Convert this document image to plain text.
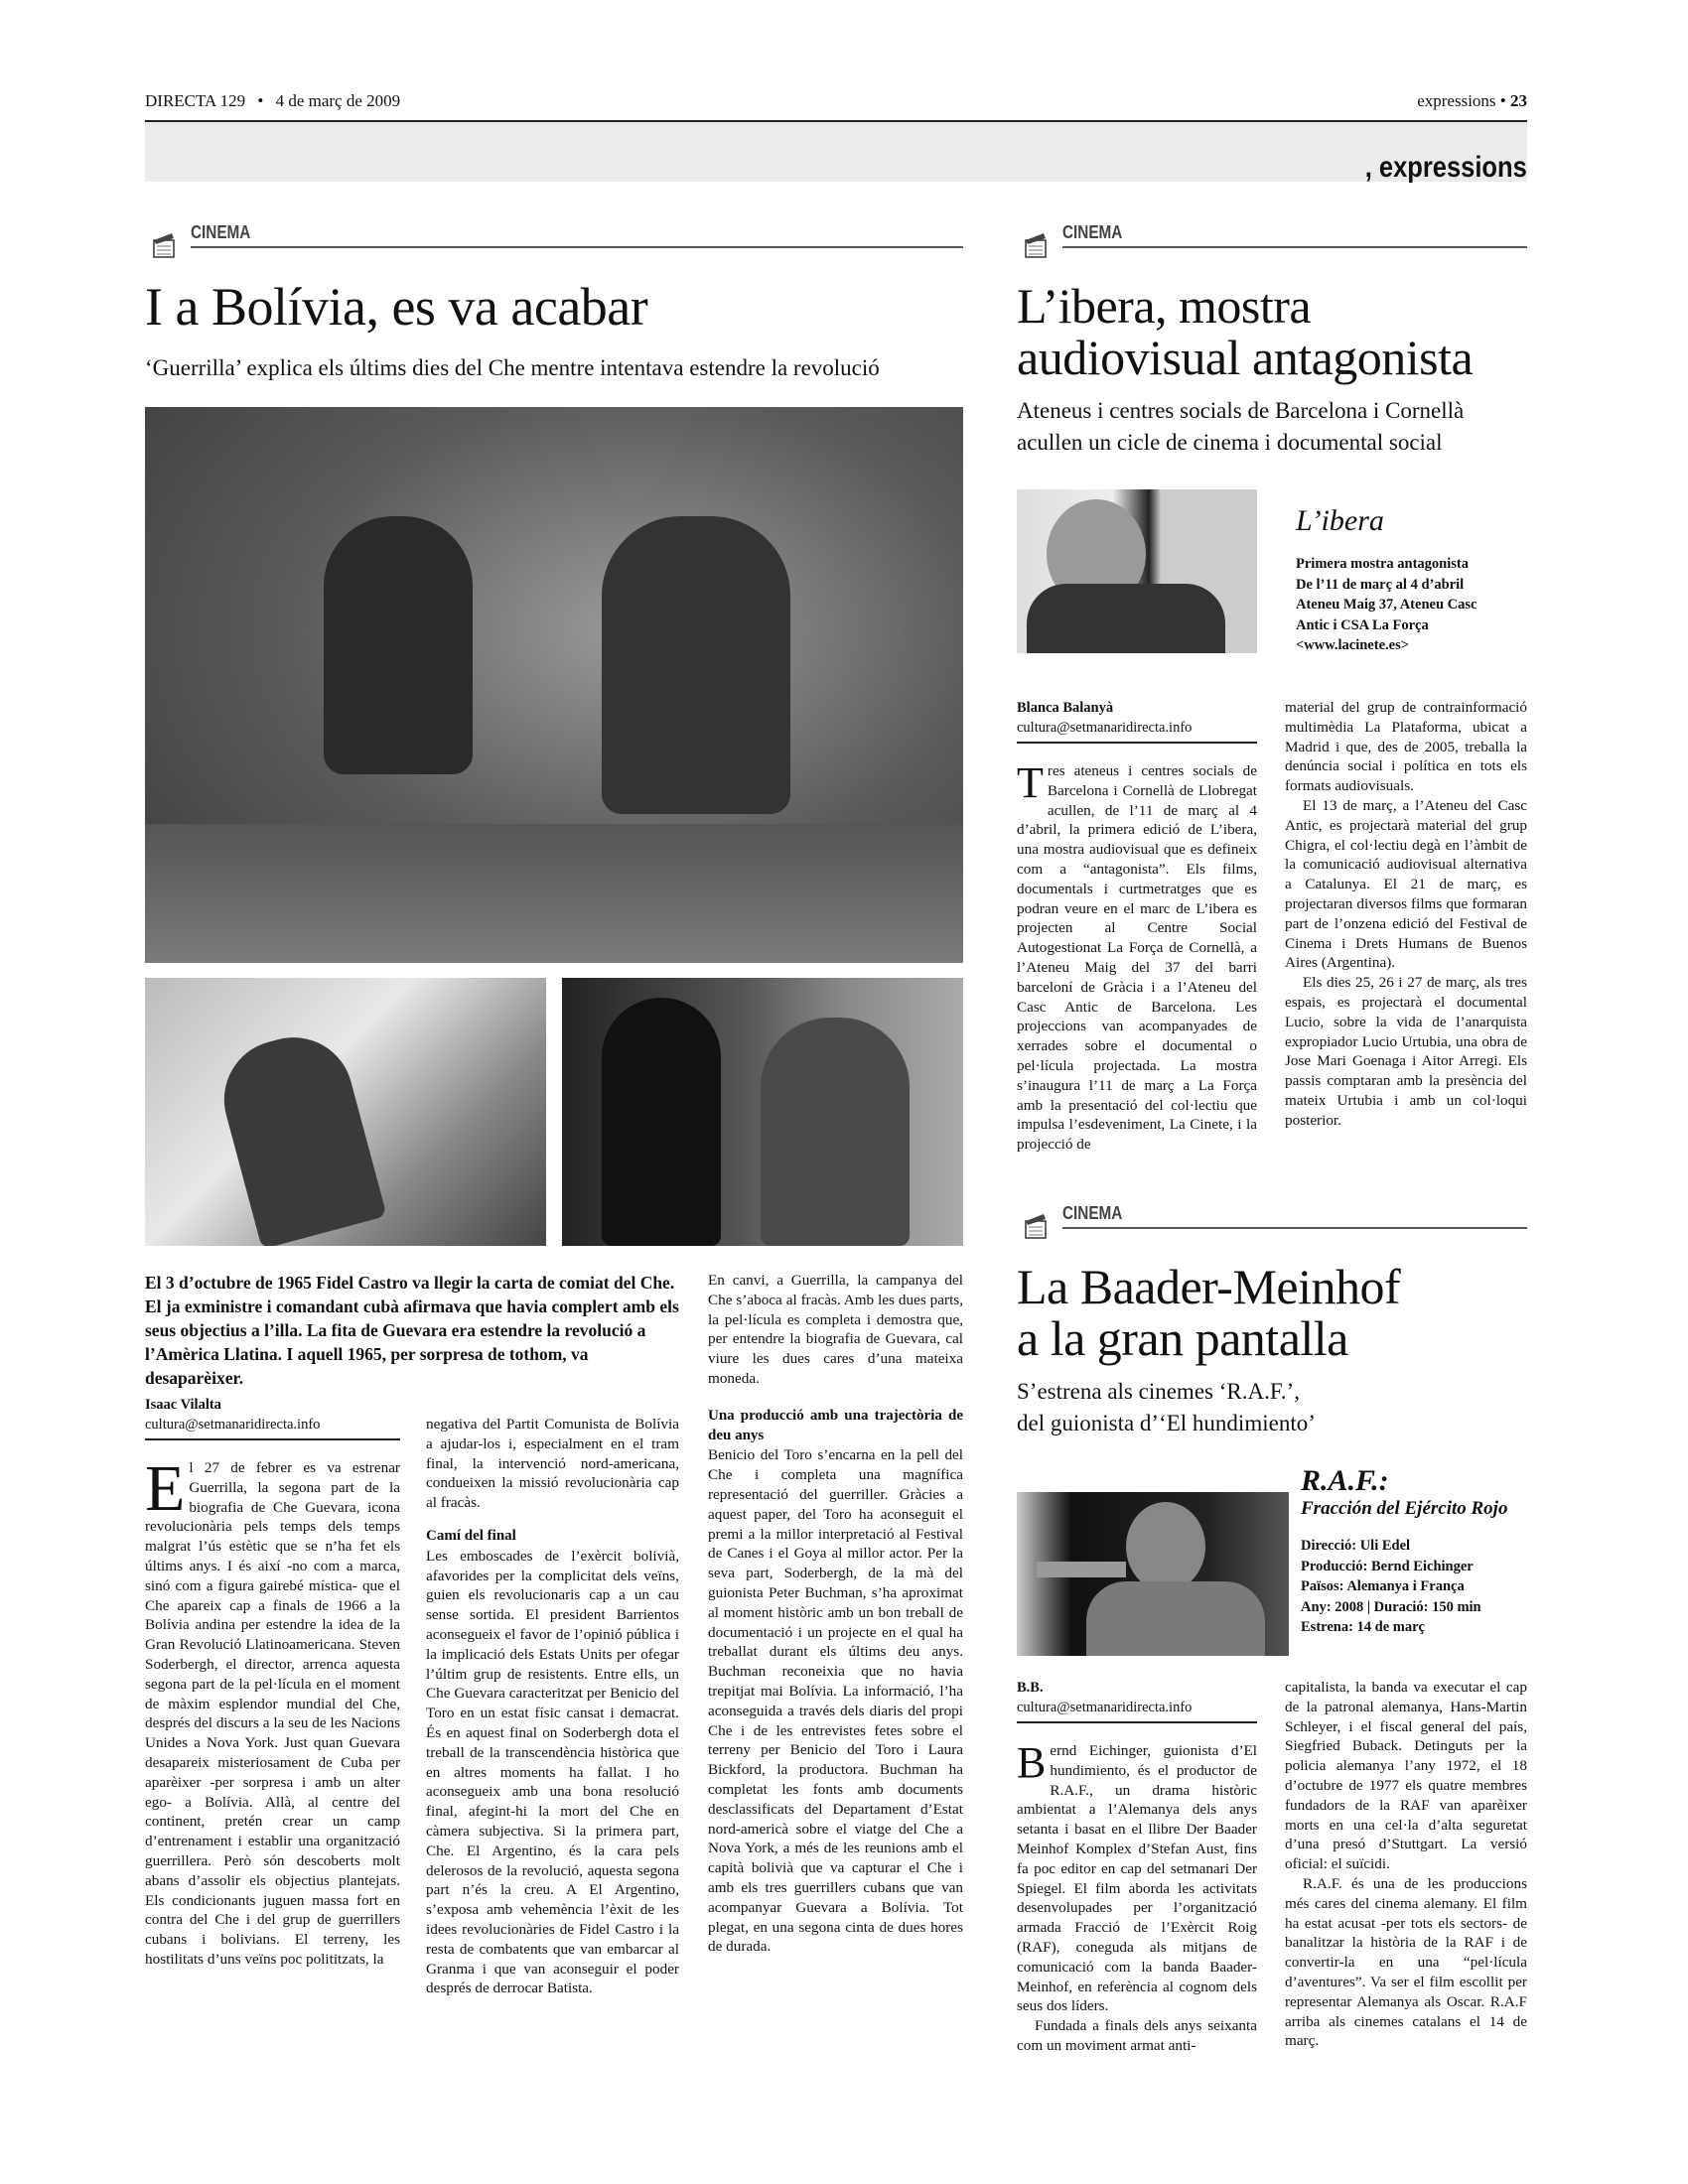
DIRECTA 129 • 4 de març de 2009	expressions • 23
, expressions
CINEMA
I a Bolívia, es va acabar
‘Guerrilla’ explica els últims dies del Che mentre intentava estendre la revolució
El 3 d’octubre de 1965 Fidel Castro va llegir la carta de comiat del Che. El ja exministre i comandant cubà afirmava que havia complert amb els seus objectius a l’illa. La fita de Guevara era estendre la revolució a l’Amèrica Llatina. I aquell 1965, per sorpresa de tothom, va desaparèixer.
Isaac Vilalta
cultura@setmanaridirecta.info
E l 27 de febrer es va estrenar Guerrilla, la segona part de la biografia de Che Guevara, icona revolucionària pels temps dels temps malgrat l’ús estètic que se n’ha fet els últims anys. I és així -no com a marca, sinó com a figura gairebé mística- que el Che apareix cap a finals de 1966 a la Bolívia andina per estendre la idea de la Gran Revolució Llatinoamericana. Steven Soderbergh, el director, arrenca aquesta segona part de la pel·lícula en el moment de màxim esplendor mundial del Che, després del discurs a la seu de les Nacions Unides a Nova York. Just quan Guevara desapareix misteriosament de Cuba per aparèixer -per sorpresa i amb un alter ego- a Bolívia. Allà, al centre del continent, pretén crear un camp d’entrenament i establir una organització guerrillera. Però són descoberts molt abans d’assolir els objectius plantejats. Els condicionants juguen massa fort en contra del Che i del grup de guerrillers cubans i bolivians. El terreny, les hostilitats d’uns veïns poc polititzats, la

negativa del Partit Comunista de Bolívia a ajudar-los i, especialment en el tram final, la intervenció nord-americana, condueixen la missió revolucionària cap al fracàs.

Camí del final

Les emboscades de l’exèrcit bolivià, afavorides per la complicitat dels veïns, guien els revolucionaris cap a un cau sense sortida. El president Barrientos aconsegueix el favor de l’opinió pública i la implicació dels Estats Units per ofegar l’últim grup de resistents. Entre ells, un Che Guevara caracteritzat per Benicio del Toro en un estat físic cansat i demacrat. És en aquest final on Soderbergh dota el treball de la transcendència històrica que en altres moments ha fallat. I ho aconsegueix amb una bona resolució final, afegint-hi la mort del Che en càmera subjectiva. Si la primera part, Che. El Argentino, és la cara pels delerosos de la revolució, aquesta segona part n’és la creu. A El Argentino, s’exposa amb vehemència l’èxit de les idees revolucionàries de Fidel Castro i la resta de combatents que van embarcar al Granma i que van aconseguir el poder després de derrocar Batista.

En canvi, a Guerrilla, la campanya del Che s’aboca al fracàs. Amb les dues parts, la pel·lícula es completa i demostra que, per entendre la biografia de Guevara, cal viure les dues cares d’una mateixa moneda.

Una producció amb una trajectòria de deu anys

Benicio del Toro s’encarna en la pell del Che i completa una magnífica representació del guerriller. Gràcies a aquest paper, del Toro ha aconseguit el premi a la millor interpretació al Festival de Canes i el Goya al millor actor. Per la seva part, Soderbergh, de la mà del guionista Peter Buchman, s’ha aproximat al moment històric amb un bon treball de documentació i un projecte en el qual ha treballat durant els últims deu anys. Buchman reconeixia que no havia trepitjat mai Bolívia. La informació, l’ha aconseguida a través dels diaris del propi Che i de les entrevistes fetes sobre el terreny per Benicio del Toro i Laura Bickford, la productora. Buchman ha completat les fonts amb documents desclassificats del Departament d’Estat nord-americà sobre el viatge del Che a Nova York, a més de les reunions amb el capità bolivià que va capturar el Che i amb els tres guerrillers cubans que van acompanyar Guevara a Bolívia. Tot plegat, en una segona cinta de dues hores de durada.

CINEMA
L’ibera, mostra
audiovisual antagonista
Ateneus i centres socials de Barcelona i Cornellà
acullen un cicle de cinema i documental social
L’ibera
Primera mostra antagonista
De l’11 de març al 4 d’abril
Ateneu Maig 37, Ateneu Casc
Antic i CSA La Força
<www.lacinete.es>
Blanca Balanyà
cultura@setmanaridirecta.info
T res ateneus i centres socials de Barcelona i Cornellà de Llobregat acullen, de l’11 de març al 4 d’abril, la primera edició de L’ibera, una mostra audiovisual que es defineix com a “antagonista”. Els films, documentals i curtmetratges que es podran veure en el marc de L’ibera es projecten al Centre Social Autogestionat La Força de Cornellà, a l’Ateneu Maig del 37 del barri barceloní de Gràcia i a l’Ateneu del Casc Antic de Barcelona. Les projeccions van acompanyades de xerrades sobre el documental o pel·lícula projectada. La mostra s’inaugura l’11 de març a La Força amb la presentació del col·lectiu que impulsa l’esdeveniment, La Cinete, i la projecció de

material del grup de contrainformació multimèdia La Plataforma, ubicat a Madrid i que, des de 2005, treballa la denúncia social i política en tots els formats audiovisuals.

El 13 de març, a l’Ateneu del Casc Antic, es projectarà material del grup Chigra, el col·lectiu degà en l’àmbit de la comunicació audiovisual alternativa a Catalunya. El 21 de març, es projectaran diversos films que formaran part de l’onzena edició del Festival de Cinema i Drets Humans de Buenos Aires (Argentina).

Els dies 25, 26 i 27 de març, als tres espais, es projectarà el documental Lucio, sobre la vida de l’anarquista expropiador Lucio Urtubia, una obra de Jose Mari Goenaga i Aitor Arregi. Els passis comptaran amb la presència del mateix Urtubia i amb un col·loqui posterior.

CINEMA
La Baader-Meinhof
a la gran pantalla
S’estrena als cinemes ‘R.A.F.’,
del guionista d’‘El hundimiento’
R.A.F.:
Fracción del Ejército Rojo
Direcció: Uli Edel
Producció: Bernd Eichinger
Països: Alemanya i França
Any: 2008 | Duració: 150 min
Estrena: 14 de març
B.B.
cultura@setmanaridirecta.info
B ernd Eichinger, guionista d’El hundimiento, és el productor de R.A.F., un drama històric ambientat a l’Alemanya dels anys setanta i basat en el llibre Der Baader Meinhof Komplex d’Stefan Aust, fins fa poc editor en cap del setmanari Der Spiegel. El film aborda les activitats desenvolupades per l’organització armada Fracció de l’Exèrcit Roig (RAF), coneguda als mitjans de comunicació com la banda Baader-Meinhof, en referència al cognom dels seus dos líders.

Fundada a finals dels anys seixanta com un moviment armat anti-

capitalista, la banda va executar el cap de la patronal alemanya, Hans-Martin Schleyer, i el fiscal general del país, Siegfried Buback. Detinguts per la policia alemanya l’any 1972, el 18 d’octubre de 1977 els quatre membres fundadors de la RAF van aparèixer morts en una cel·la d’alta seguretat d’una presó d’Stuttgart. La versió oficial: el suïcidi.

R.A.F. és una de les produccions més cares del cinema alemany. El film ha estat acusat -per tots els sectors- de banalitzar la història de la RAF i de convertir-la en una “pel·lícula d’aventures”. Va ser el film escollit per representar Alemanya als Oscar. R.A.F arriba als cinemes catalans el 14 de març.
